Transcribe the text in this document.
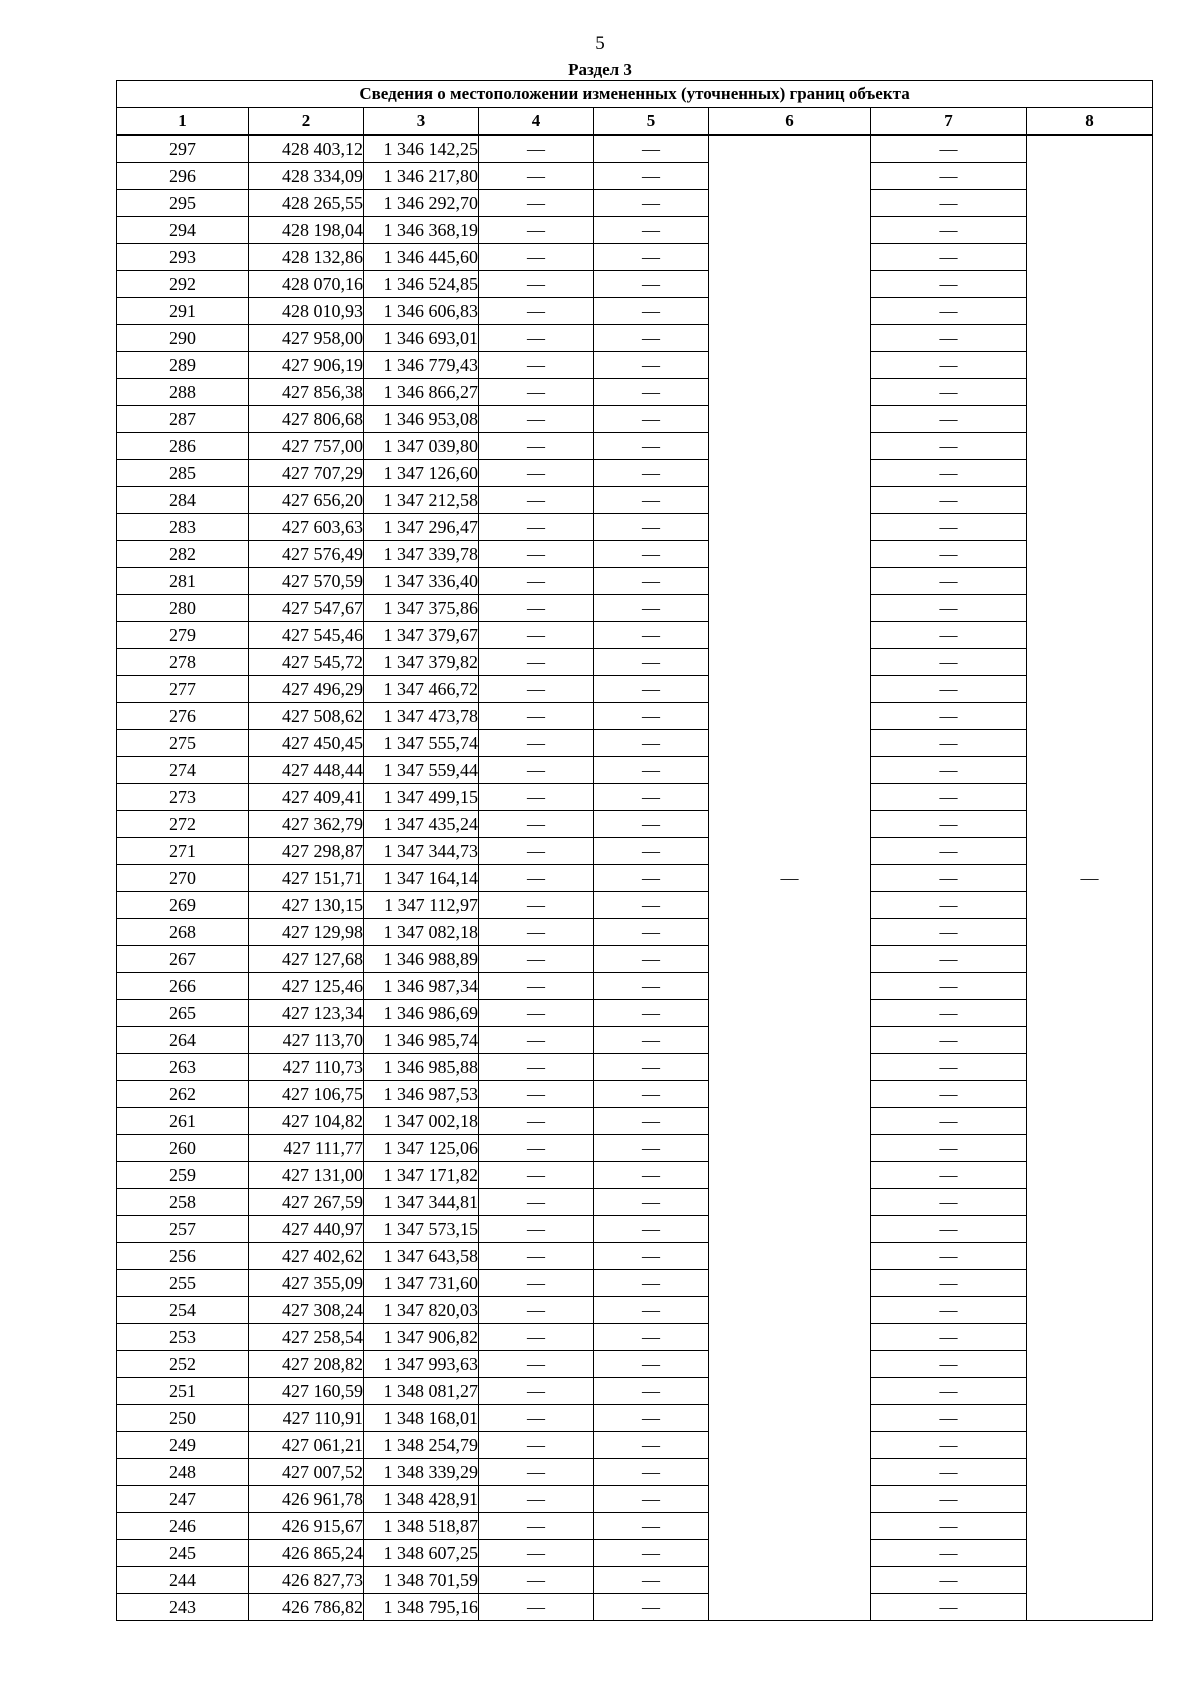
5
Раздел 3
Сведения о местоположении измененных (уточненных) границ объекта							
1	2	3	4	5	6	7	8
297	428 403,12	1 346 142,25	—	—	—	—	—
296	428 334,09	1 346 217,80	—	—		—	
295	428 265,55	1 346 292,70	—	—		—	
294	428 198,04	1 346 368,19	—	—		—	
293	428 132,86	1 346 445,60	—	—		—	
292	428 070,16	1 346 524,85	—	—		—	
291	428 010,93	1 346 606,83	—	—		—	
290	427 958,00	1 346 693,01	—	—		—	
289	427 906,19	1 346 779,43	—	—		—	
288	427 856,38	1 346 866,27	—	—		—	
287	427 806,68	1 346 953,08	—	—		—	
286	427 757,00	1 347 039,80	—	—		—	
285	427 707,29	1 347 126,60	—	—		—	
284	427 656,20	1 347 212,58	—	—		—	
283	427 603,63	1 347 296,47	—	—		—	
282	427 576,49	1 347 339,78	—	—		—	
281	427 570,59	1 347 336,40	—	—		—	
280	427 547,67	1 347 375,86	—	—		—	
279	427 545,46	1 347 379,67	—	—		—	
278	427 545,72	1 347 379,82	—	—		—	
277	427 496,29	1 347 466,72	—	—		—	
276	427 508,62	1 347 473,78	—	—		—	
275	427 450,45	1 347 555,74	—	—		—	
274	427 448,44	1 347 559,44	—	—		—	
273	427 409,41	1 347 499,15	—	—		—	
272	427 362,79	1 347 435,24	—	—		—	
271	427 298,87	1 347 344,73	—	—		—	
270	427 151,71	1 347 164,14	—	—		—	
269	427 130,15	1 347 112,97	—	—		—	
268	427 129,98	1 347 082,18	—	—		—	
267	427 127,68	1 346 988,89	—	—		—	
266	427 125,46	1 346 987,34	—	—		—	
265	427 123,34	1 346 986,69	—	—		—	
264	427 113,70	1 346 985,74	—	—		—	
263	427 110,73	1 346 985,88	—	—		—	
262	427 106,75	1 346 987,53	—	—		—	
261	427 104,82	1 347 002,18	—	—		—	
260	427 111,77	1 347 125,06	—	—		—	
259	427 131,00	1 347 171,82	—	—		—	
258	427 267,59	1 347 344,81	—	—		—	
257	427 440,97	1 347 573,15	—	—		—	
256	427 402,62	1 347 643,58	—	—		—	
255	427 355,09	1 347 731,60	—	—		—	
254	427 308,24	1 347 820,03	—	—		—	
253	427 258,54	1 347 906,82	—	—		—	
252	427 208,82	1 347 993,63	—	—		—	
251	427 160,59	1 348 081,27	—	—		—	
250	427 110,91	1 348 168,01	—	—		—	
249	427 061,21	1 348 254,79	—	—		—	
248	427 007,52	1 348 339,29	—	—		—	
247	426 961,78	1 348 428,91	—	—		—	
246	426 915,67	1 348 518,87	—	—		—	
245	426 865,24	1 348 607,25	—	—		—	
244	426 827,73	1 348 701,59	—	—		—	
243	426 786,82	1 348 795,16	—	—		—	
